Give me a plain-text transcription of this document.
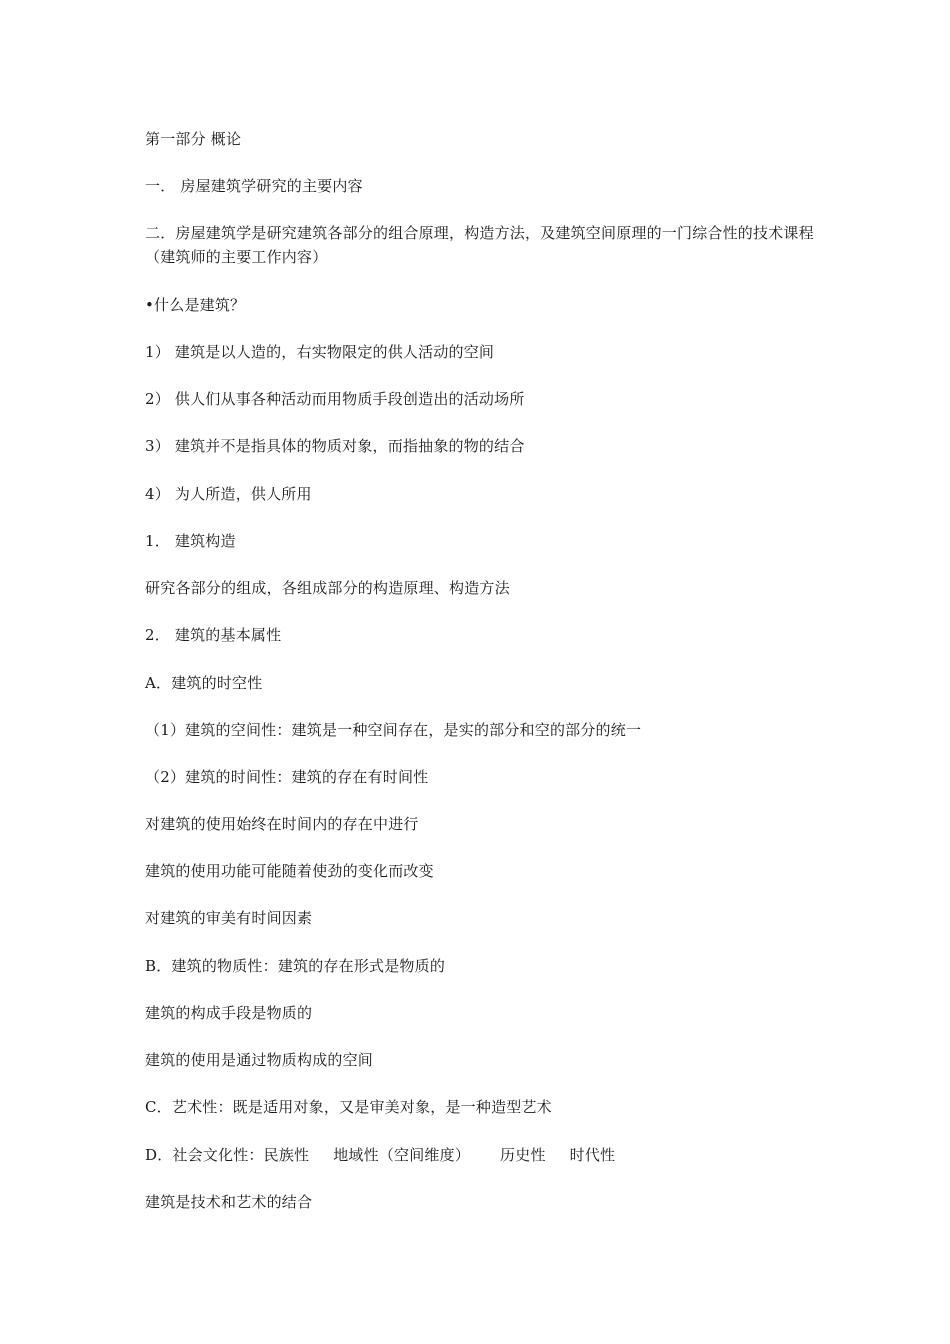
第一部分 概论
一． 房屋建筑学研究的主要内容
二．房屋建筑学是研究建筑各部分的组合原理，构造方法，及建筑空间原理的一门综合性的技术课程（建筑师的主要工作内容）
•什么是建筑？
1） 建筑是以人造的，右实物限定的供人活动的空间
2） 供人们从事各种活动而用物质手段创造出的活动场所
3） 建筑并不是指具体的物质对象，而指抽象的物的结合
4） 为人所造，供人所用
1． 建筑构造
研究各部分的组成，各组成部分的构造原理、构造方法
2． 建筑的基本属性
A．建筑的时空性
（1）建筑的空间性：建筑是一种空间存在，是实的部分和空的部分的统一
（2）建筑的时间性：建筑的存在有时间性
对建筑的使用始终在时间内的存在中进行
建筑的使用功能可能随着使劲的变化而改变
对建筑的审美有时间因素
B．建筑的物质性：建筑的存在形式是物质的
建筑的构成手段是物质的
建筑的使用是通过物质构成的空间
C．艺术性：既是适用对象，又是审美对象，是一种造型艺术
D．社会文化性：民族性 地域性（空间维度） 历史性 时代性
建筑是技术和艺术的结合
